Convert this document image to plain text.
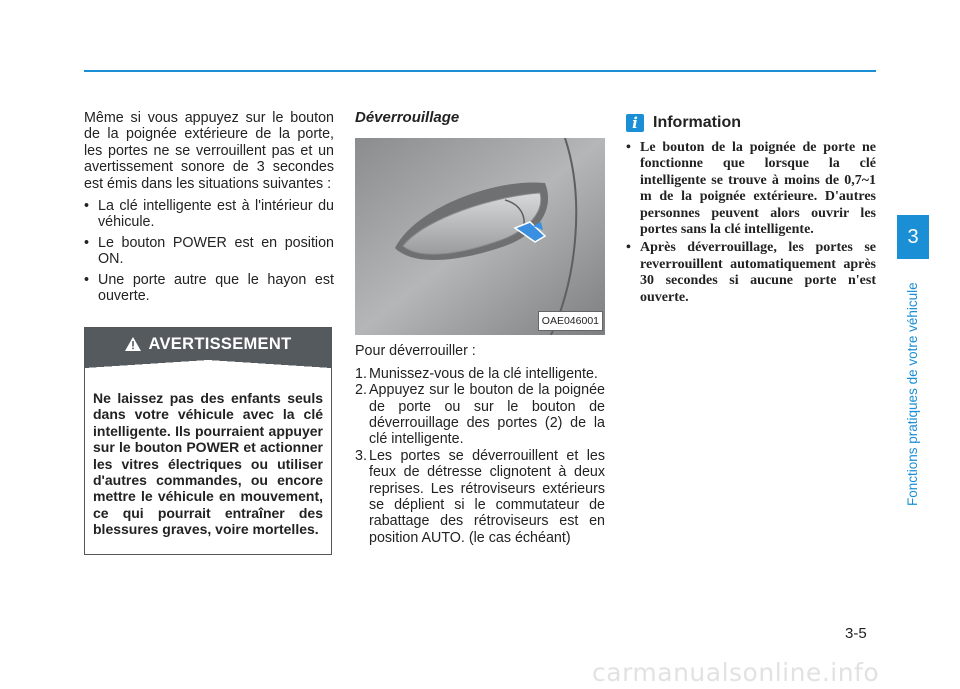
Même si vous appuyez sur le bouton de la poignée extérieure de la porte, les portes ne se verrouillent pas et un avertissement sonore de 3 secondes est émis dans les situations suivantes :

• La clé intelligente est à l'intérieur du véhicule.
• Le bouton POWER est en position ON.
• Une porte autre que le hayon est ouverte.
AVERTISSEMENT

Ne laissez pas des enfants seuls dans votre véhicule avec la clé intelligente. Ils pourraient appuyer sur le bouton POWER et actionner les vitres électriques ou utiliser d'autres commandes, ou encore mettre le véhicule en mouvement, ce qui pourrait entraîner des blessures graves, voire mortelles.

Déverrouillage

OAE046001

Pour déverrouiller :

1. Munissez-vous de la clé intelligente.
2. Appuyez sur le bouton de la poignée de porte ou sur le bouton de déverrouillage des portes (2) de la clé intelligente.
3. Les portes se déverrouillent et les feux de détresse clignotent à deux reprises. Les rétroviseurs extérieurs se déplient si le commutateur de rabattage des rétroviseurs est en position AUTO. (le cas échéant)
i Information
• Le bouton de la poignée de porte ne fonctionne que lorsque la clé intelligente se trouve à moins de 0,7~1 m de la poignée extérieure. D'autres personnes peuvent alors ouvrir les portes sans la clé intelligente.
• Après déverrouillage, les portes se reverrouillent automatiquement après 30 secondes si aucune porte n'est ouverte.
3
Fonctions pratiques de votre véhicule
3-5
carmanualsonline.info
